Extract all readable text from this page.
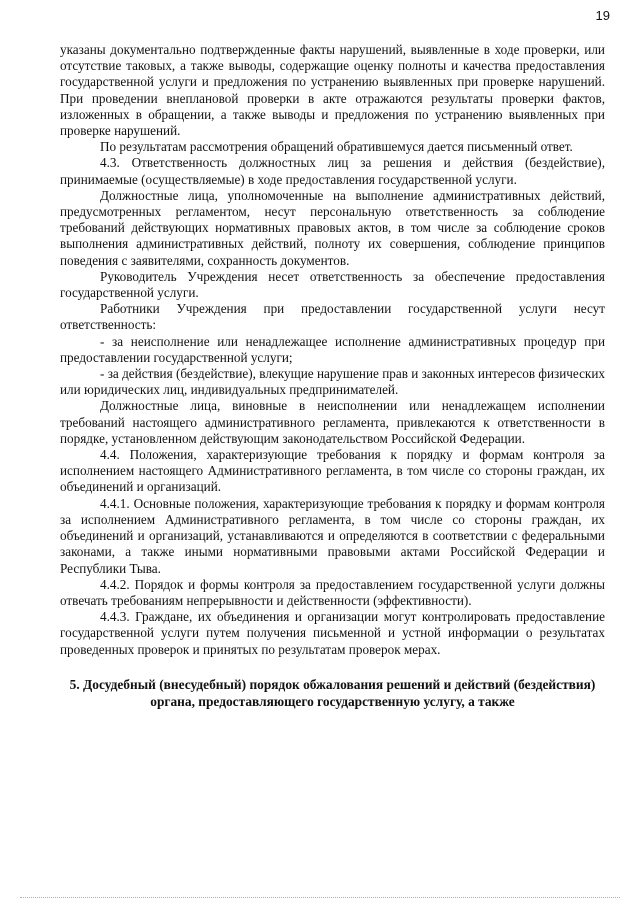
19

указаны документально подтвержденные факты нарушений, выявленные в ходе проверки, или отсутствие таковых, а также выводы, содержащие оценку полноты и качества предоставления государственной услуги и предложения по устранению выявленных при проверке нарушений. При проведении внеплановой проверки в акте отражаются результаты проверки фактов, изложенных в обращении, а также выводы и предложения по устранению выявленных при проверке нарушений.

По результатам рассмотрения обращений обратившемуся дается письменный ответ.

4.3. Ответственность должностных лиц за решения и действия (бездействие), принимаемые (осуществляемые) в ходе предоставления государственной услуги.

Должностные лица, уполномоченные на выполнение административных действий, предусмотренных регламентом, несут персональную ответственность за соблюдение требований действующих нормативных правовых актов, в том числе за соблюдение сроков выполнения административных действий, полноту их совершения, соблюдение принципов поведения с заявителями, сохранность документов.

Руководитель Учреждения несет ответственность за обеспечение предоставления государственной услуги.

Работники Учреждения при предоставлении государственной услуги несут ответственность:

- за неисполнение или ненадлежащее исполнение административных процедур при предоставлении государственной услуги;

- за действия (бездействие), влекущие нарушение прав и законных интересов физических или юридических лиц, индивидуальных предпринимателей.

Должностные лица, виновные в неисполнении или ненадлежащем исполнении требований настоящего административного регламента, привлекаются к ответственности в порядке, установленном действующим законодательством Российской Федерации.

4.4. Положения, характеризующие требования к порядку и формам контроля за исполнением настоящего Административного регламента, в том числе со стороны граждан, их объединений и организаций.

4.4.1. Основные положения, характеризующие требования к порядку и формам контроля за исполнением Административного регламента, в том числе со стороны граждан, их объединений и организаций, устанавливаются и определяются в соответствии с федеральными законами, а также иными нормативными правовыми актами Российской Федерации и Республики Тыва.

4.4.2. Порядок и формы контроля за предоставлением государственной услуги должны отвечать требованиям непрерывности и действенности (эффективности).

4.4.3. Граждане, их объединения и организации могут контролировать предоставление государственной услуги путем получения письменной и устной информации о результатах проведенных проверок и принятых по результатам проверок мерах.

5. Досудебный (внесудебный) порядок обжалования решений и действий (бездействия) органа, предоставляющего государственную услугу, а также
